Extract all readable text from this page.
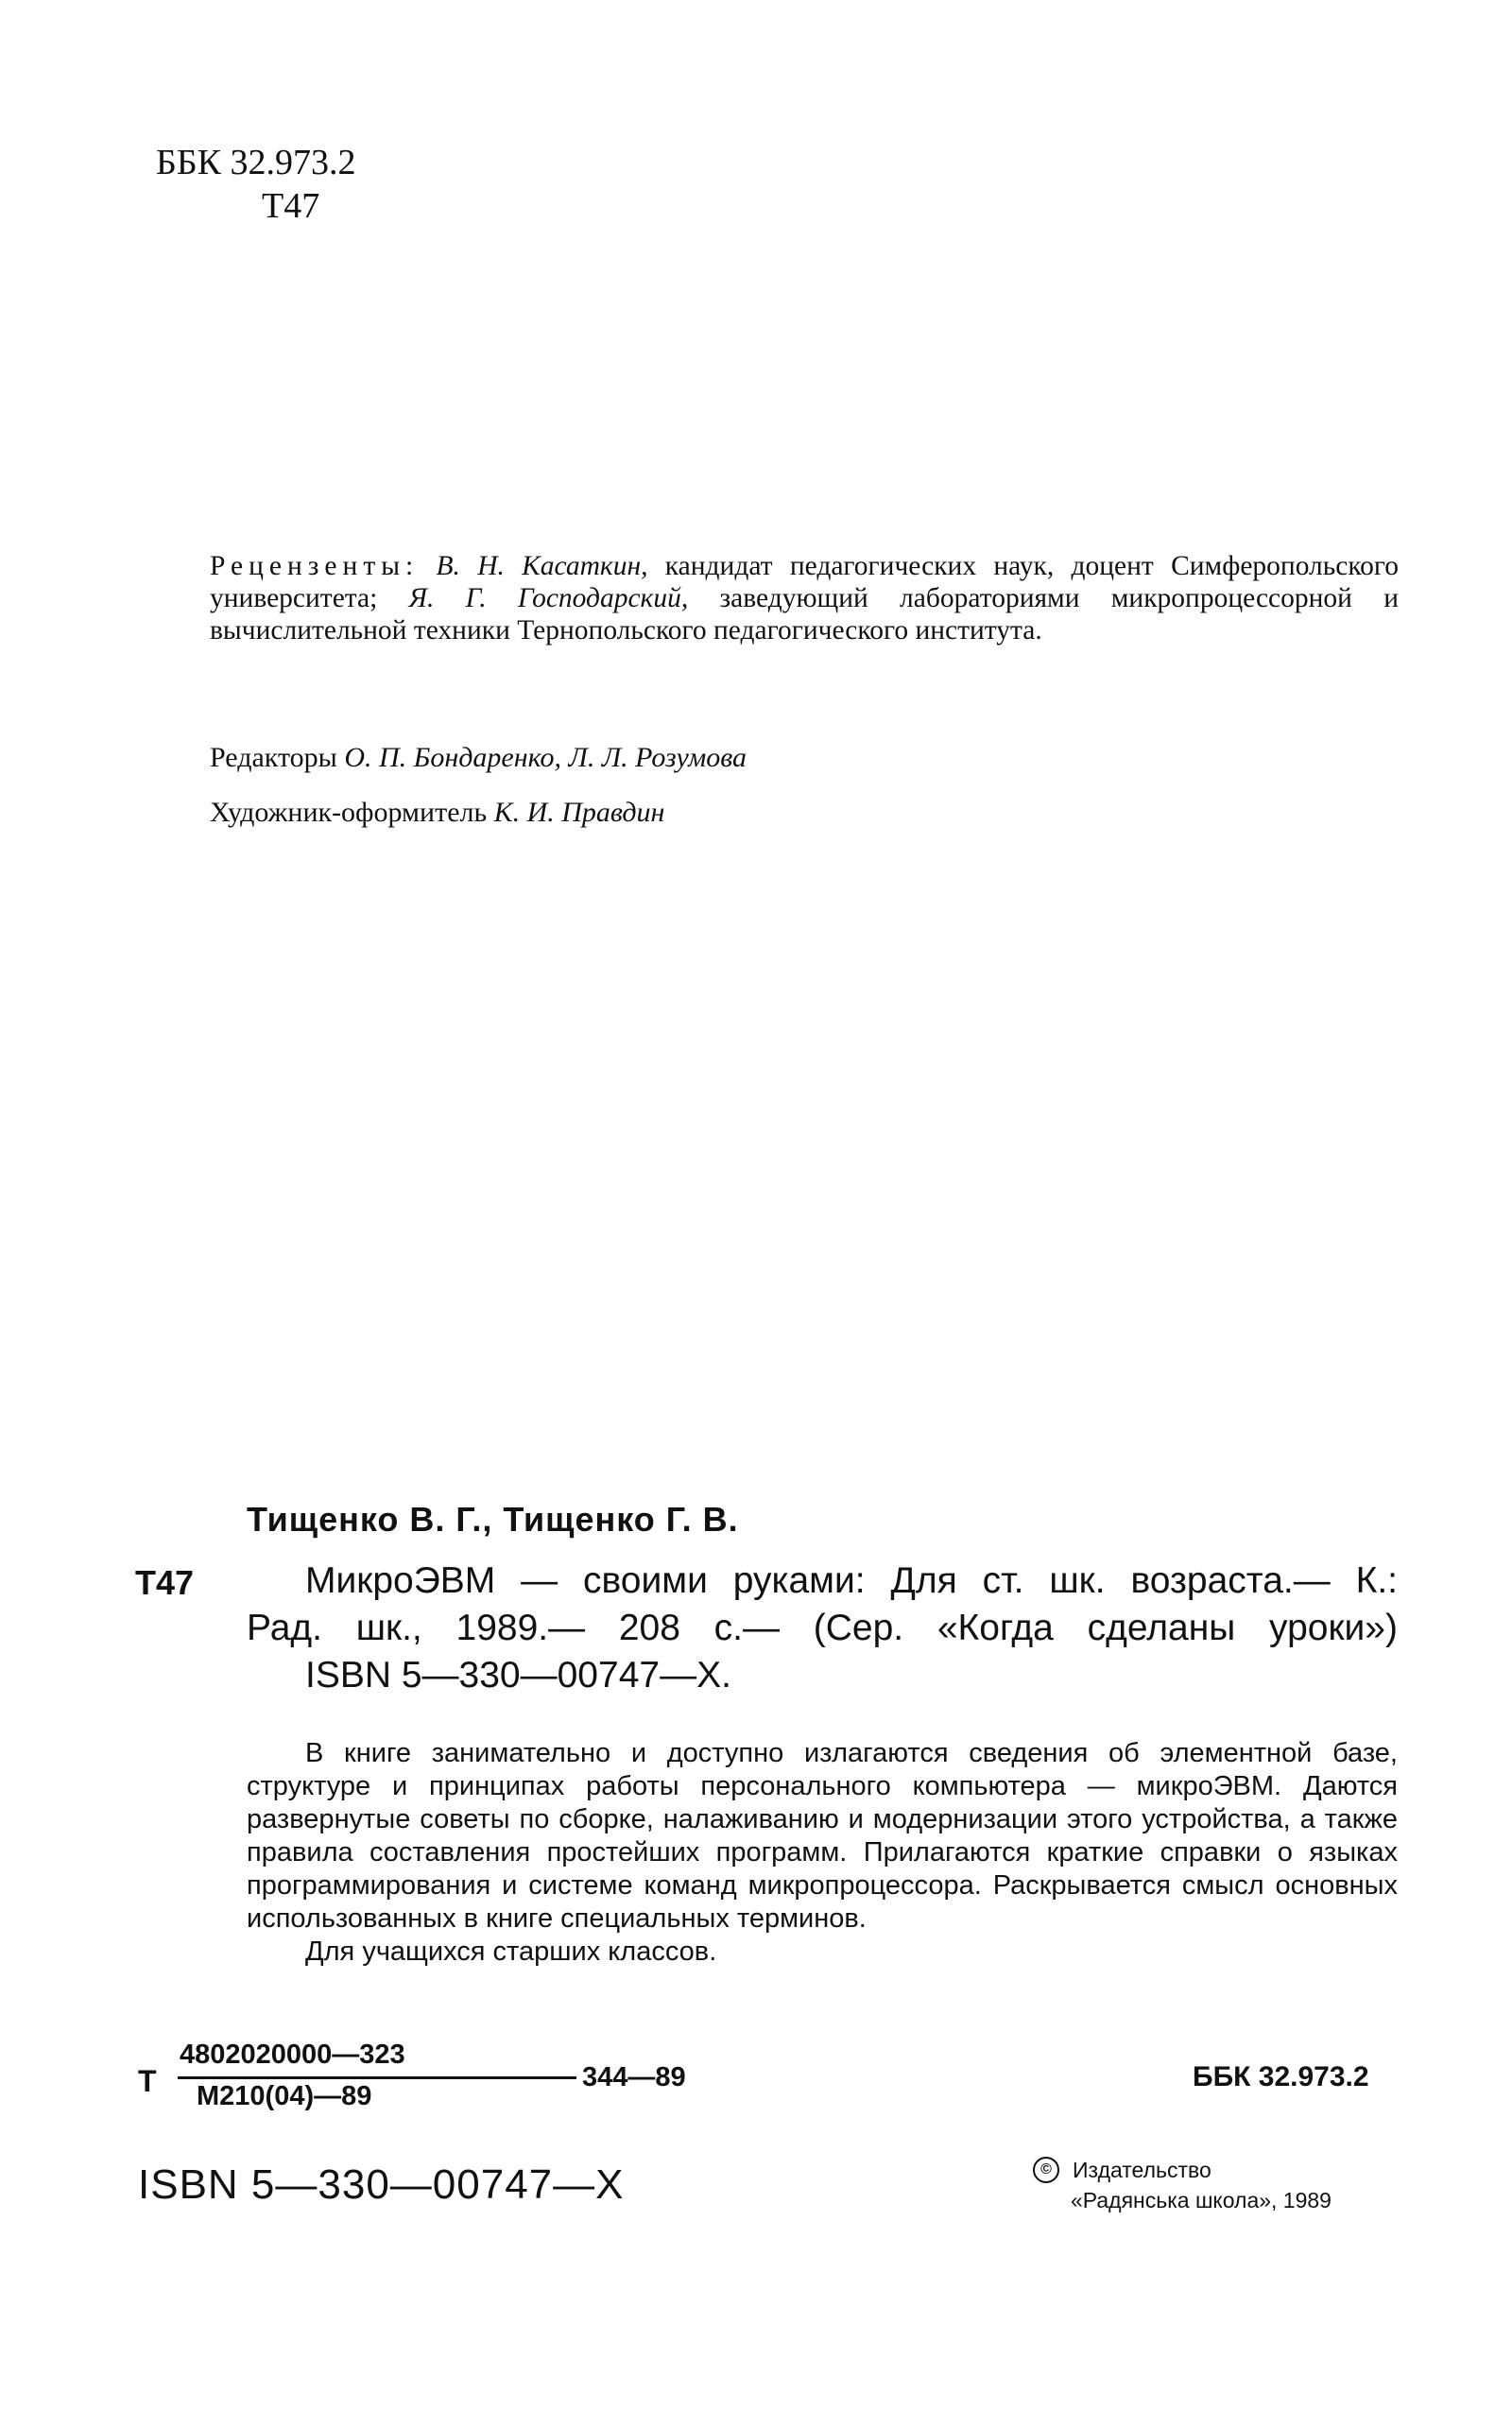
ББК 32.973.2
Т47
Рецензенты: В. Н. Касаткин, кандидат педагогических наук, доцент Симферопольского университета; Я. Г. Господарский, заведующий лабораториями микропроцессорной и вычислительной техники Тернопольского педагогического института.
Редакторы О. П. Бондаренко, Л. Л. Розумова
Художник-оформитель К. И. Правдин
Тищенко В. Г., Тищенко Г. В.
Т47	МикроЭВМ — своими руками: Для ст. шк. возраста.— К.:
Рад. шк., 1989.— 208 с.— (Сер. «Когда сделаны уроки»)
ISBN 5—330—00747—Х.

В книге занимательно и доступно излагаются сведения об элементной базе, структуре и принципах работы персонального компьютера — микроЭВМ. Даются развернутые советы по сборке, налаживанию и модернизации этого устройства, а также правила составления простейших программ. Прилагаются краткие справки о языках программирования и системе команд микропроцессора. Раскрывается смысл основных использованных в книге специальных терминов.

Для учащихся старших классов.

Т
4802020000—323
М210(04)—89
344—89	ББК 32.973.2
ISBN 5—330—00747—Х	© Издательство
«Радянська школа», 1989
